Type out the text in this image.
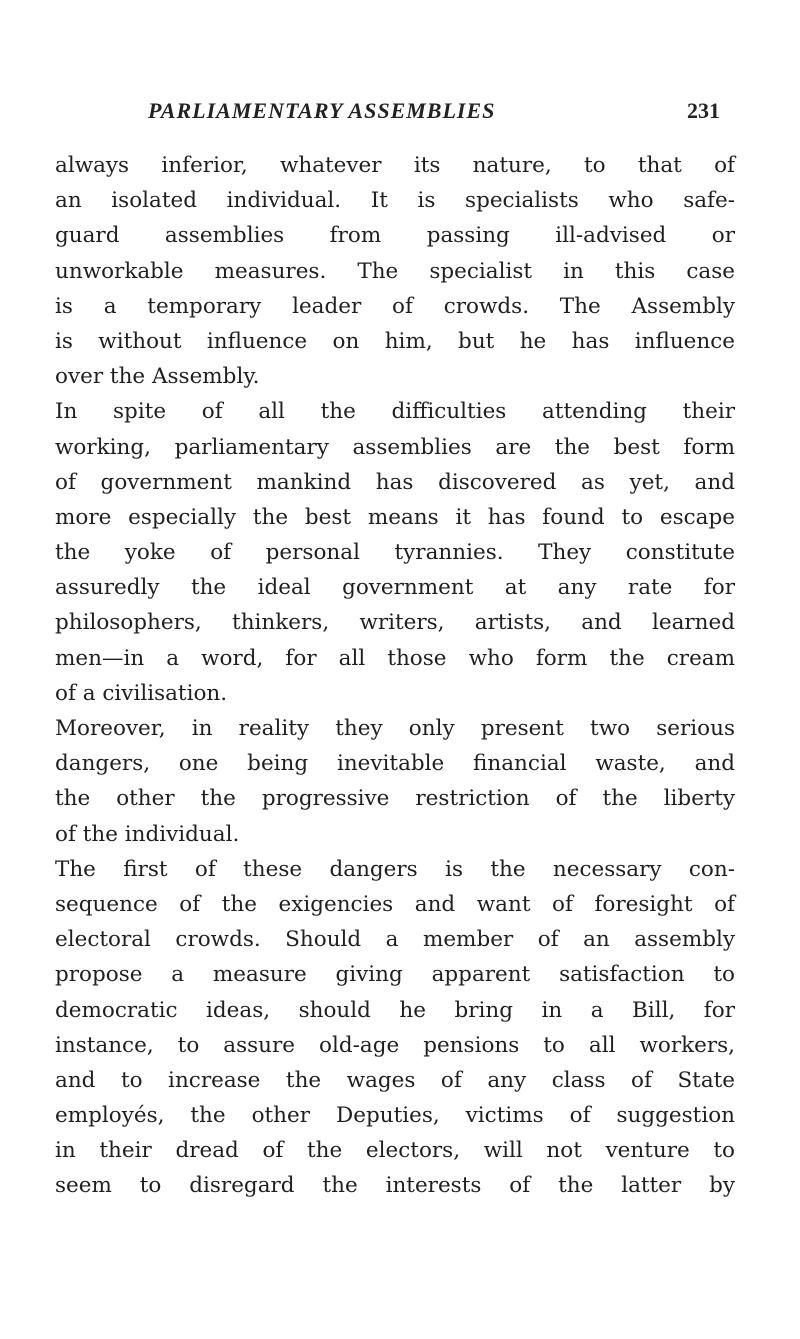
PARLIAMENTARY ASSEMBLIES	231
always inferior, whatever its nature, to that of
an isolated individual. It is specialists who safe-
guard assemblies from passing ill-advised or
unworkable measures. The specialist in this case
is a temporary leader of crowds. The Assembly
is without influence on him, but he has influence
over the Assembly.
In spite of all the difficulties attending their
working, parliamentary assemblies are the best form
of government mankind has discovered as yet, and
more especially the best means it has found to escape
the yoke of personal tyrannies. They constitute
assuredly the ideal government at any rate for
philosophers, thinkers, writers, artists, and learned
men—in a word, for all those who form the cream
of a civilisation.
Moreover, in reality they only present two serious
dangers, one being inevitable financial waste, and
the other the progressive restriction of the liberty
of the individual.
The first of these dangers is the necessary con-
sequence of the exigencies and want of foresight of
electoral crowds. Should a member of an assembly
propose a measure giving apparent satisfaction to
democratic ideas, should he bring in a Bill, for
instance, to assure old-age pensions to all workers,
and to increase the wages of any class of State
employés, the other Deputies, victims of suggestion
in their dread of the electors, will not venture to
seem to disregard the interests of the latter by
